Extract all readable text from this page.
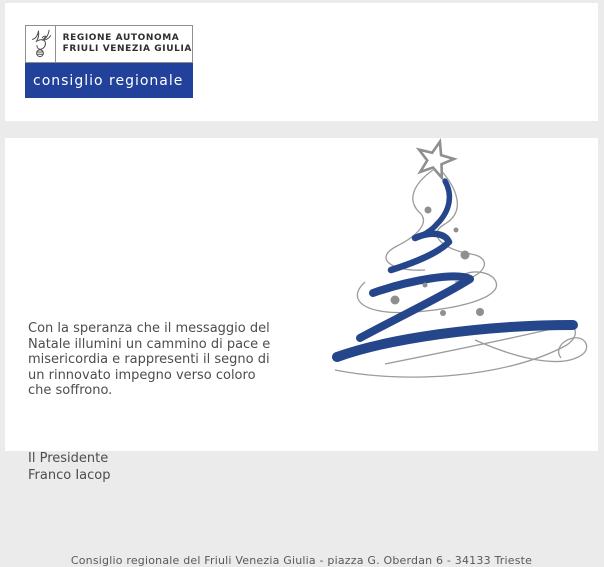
REGIONE AUTONOMA
FRIULI VENEZIA GIULIA
consiglio regionale
Con la speranza che il messaggio del
Natale illumini un cammino di pace e
misericordia e rappresenti il segno di
un rinnovato impegno verso coloro
che soffrono.
Il Presidente
Franco Iacop
Consiglio regionale del Friuli Venezia Giulia - piazza G. Oberdan 6 - 34133 Trieste
